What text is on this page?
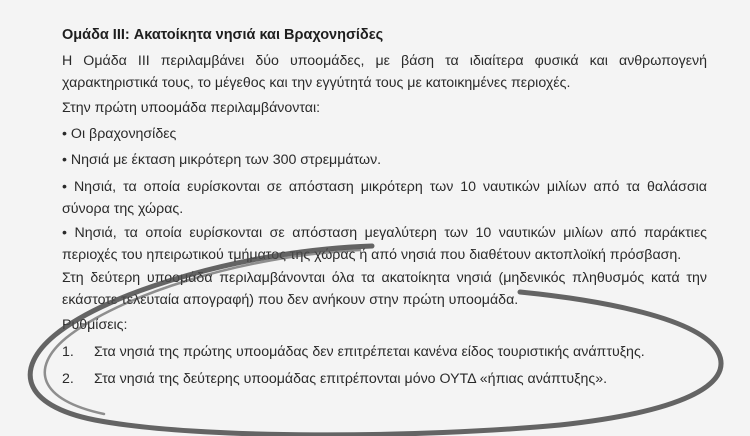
Ομάδα III: Ακατοίκητα νησιά και Βραχονησίδες
Η Ομάδα III περιλαμβάνει δύο υποομάδες, με βάση τα ιδιαίτερα φυσικά και ανθρωπογενή χαρακτηριστικά τους, το μέγεθος και την εγγύτητά τους με κατοικημένες περιοχές.
Στην πρώτη υποομάδα περιλαμβάνονται:
• Οι βραχονησίδες
• Νησιά με έκταση μικρότερη των 300 στρεμμάτων.
• Νησιά, τα οποία ευρίσκονται σε απόσταση μικρότερη των 10 ναυτικών μιλίων από τα θαλάσσια σύνορα της χώρας.
• Νησιά, τα οποία ευρίσκονται σε απόσταση μεγαλύτερη των 10 ναυτικών μιλίων από παράκτιες περιοχές του ηπειρωτικού τμήματος της χώρας ή από νησιά που διαθέτουν ακτοπλοϊκή πρόσβαση.
Στη δεύτερη υποομάδα περιλαμβάνονται όλα τα ακατοίκητα νησιά (μηδενικός πληθυσμός κατά την εκάστοτε τελευταία απογραφή) που δεν ανήκουν στην πρώτη υποομάδα.
Ρυθμίσεις:
1. Στα νησιά της πρώτης υποομάδας δεν επιτρέπεται κανένα είδος τουριστικής ανάπτυξης.
2. Στα νησιά της δεύτερης υποομάδας επιτρέπονται μόνο ΟΥΤΔ «ήπιας ανάπτυξης».
